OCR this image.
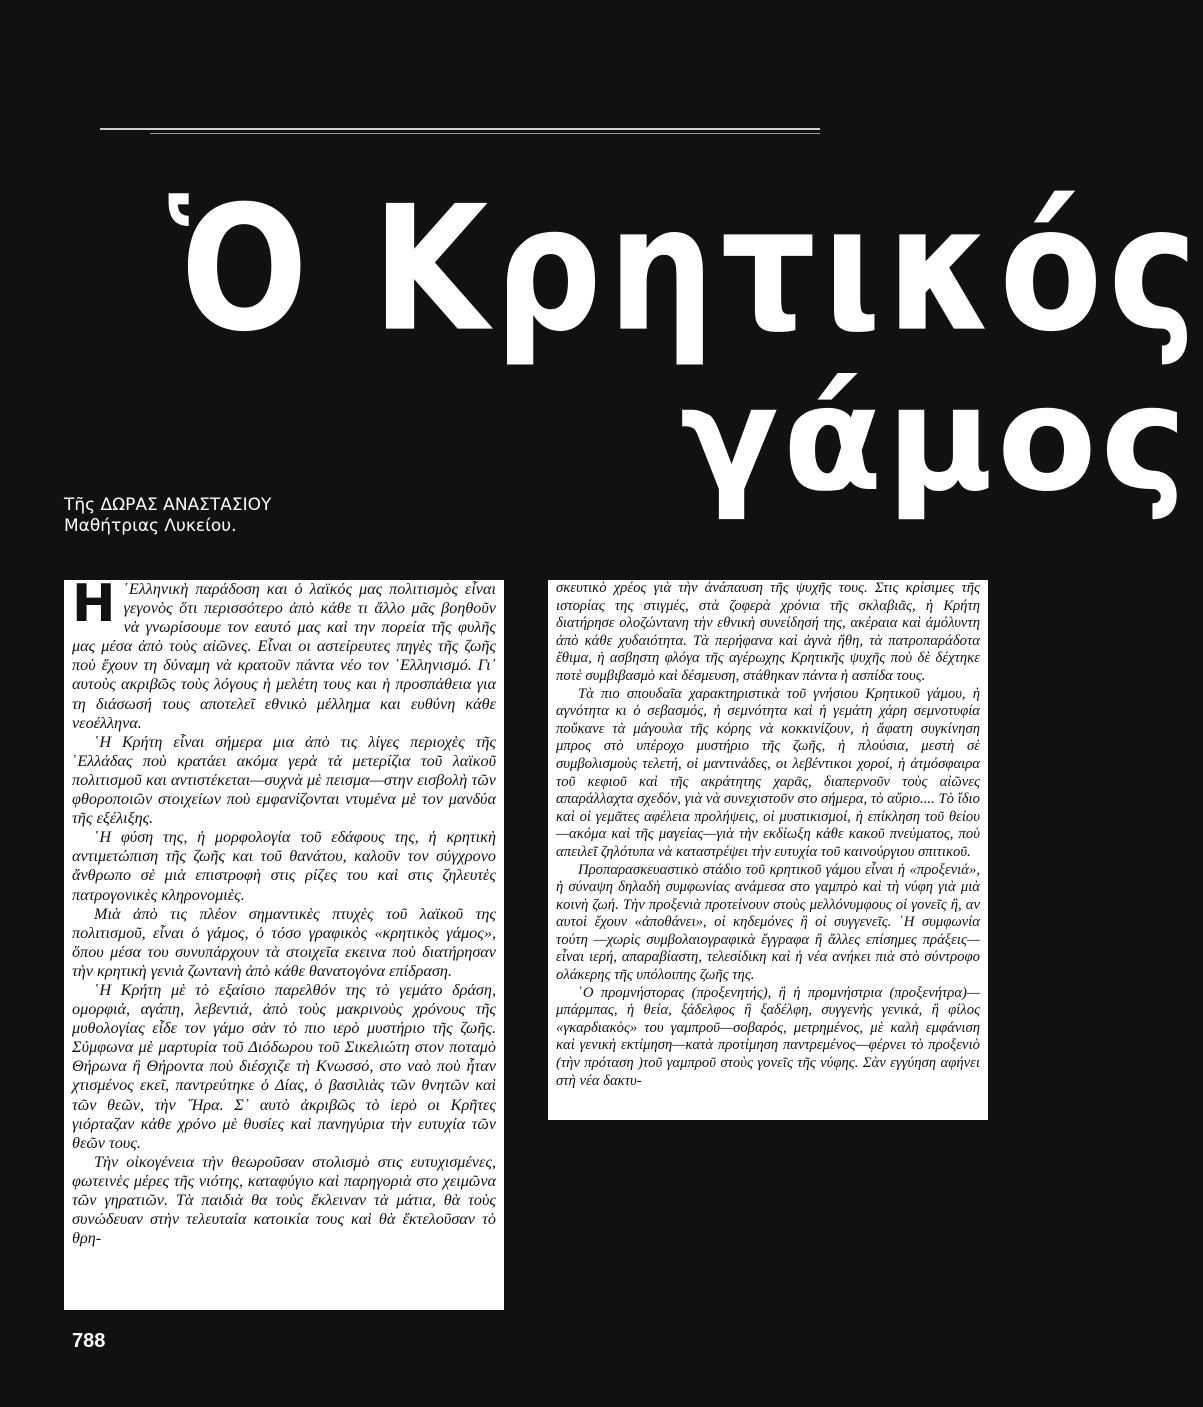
Ὁ Κρητικός
γάμος
Τῆς ΔΩΡΑΣ ΑΝΑΣΤΑΣΙΟΥ
Μαθήτριας Λυκείου.

Η ῾Ελληνικὴ παράδοση και ὁ λαϊκός μας πολιτισμὸς εἶναι γεγονὸς ὅτι περισσότερο ἀπὸ κάθε τι ἄλλο μᾶς βοηθοῦν νὰ γνωρίσουμε τον εαυτό μας καὶ την πορεία τῆς φυλῆς μας μέσα ἀπὸ τοὺς αἰῶνες. Εἶναι οι αστείρευτες πηγὲς τῆς ζωῆς ποὺ ἔχουν τη δύναμη νὰ κρατοῦν πάντα νέο τον ῾Ελληνισμό. Γι᾿ αυτοὺς ακριβῶς τοὺς λόγους ἡ μελέτη τους και ἡ προσπάθεια για τη διάσωσή τους αποτελεῖ εθνικὸ μέλλημα και ευθύνη κάθε νεοέλληνα.

῾Η Κρήτη εἶναι σήμερα μια ἀπὸ τις λίγες περιοχὲς τῆς ῾Ελλάδας ποὺ κρατάει ακόμα γερὰ τὰ μετερίζια τοῦ λαϊκοῦ πολιτισμοῦ και αντιστέκεται—συχνὰ μὲ πεισμα—στην εισβολὴ τῶν φθοροποιῶν στοιχείων ποὺ εμφανίζονται ντυμένα μὲ τον μανδύα τῆς εξέλιξης.

῾Η φύση της, ἡ μορφολογία τοῦ εδάφους της, ἡ κρητικὴ αντιμετώπιση τῆς ζωῆς και τοῦ θανάτου, καλοῦν τον σύγχρονο ἄνθρωπο σὲ μιὰ επιστροφὴ στις ρίζες του καὶ στις ζηλευτὲς πατρογονικὲς κληρονομιὲς.

Μιὰ ἀπὸ τις πλέον σημαντικὲς πτυχὲς τοῦ λαϊκοῦ της πολιτισμοῦ, εἶναι ὁ γάμος, ὁ τόσο γραφικὸς «κρητικὸς γάμος», ὅπου μέσα του συνυπάρχουν τὰ στοιχεῖα εκεινα ποὺ διατήρησαν τὴν κρητικὴ γενιὰ ζωντανὴ ἀπὸ κάθε θανατογόνα επίδραση.

῾Η Κρήτη μὲ τὸ εξαίσιο παρελθόν της τὸ γεμάτο δράση, ομορφιά, αγάπη, λεβεντιά, ἀπὸ τοὺς μακρινοὺς χρόνους τῆς μυθολογίας εἶδε τον γάμο σὰν τὸ πιο ιερὸ μυστήριο τῆς ζωῆς. Σύμφωνα μὲ μαρτυρία τοῦ Διόδωρου τοῦ Σικελιώτη στον ποταμὸ Θήρωνα ἢ Θήροντα ποὺ διέσχιζε τὴ Κνωσσό, στο ναὸ ποὺ ἦταν χτισμένος εκεῖ, παντρεύτηκε ὁ Δίας, ὁ βασιλιὰς τῶν θνητῶν καὶ τῶν θεῶν, τὴν ῞Ηρα. Σ᾿ αυτὸ ἀκριβῶς τὸ ἱερὸ οι Κρῆτες γιόρταζαν κάθε χρόνο μὲ θυσίες καὶ πανηγύρια τὴν ευτυχία τῶν θεῶν τους.

Τὴν οἰκογένεια τὴν θεωροῦσαν στολισμὸ στις ευτυχισμένες, φωτεινὲς μέρες τῆς νιότης, καταφύγιο καὶ παρηγοριὰ στο χειμῶνα τῶν γηρατιῶν. Τὰ παιδιὰ θα τοὺς ἔκλειναν τὰ μάτια, θὰ τοὺς συνώδευαν στὴν τελευταία κατοικία τους καὶ θὰ ἔκτελοῦσαν τὸ θρη-

σκευτικὸ χρέος γιὰ τὴν ἀνάπαυση τῆς ψυχῆς τους. Στις κρίσιμες τῆς ιστορίας της στιγμές, στὰ ζοφερὰ χρόνια τῆς σκλαβιᾶς, ἡ Κρήτη διατήρησε ολοζώντανη τὴν εθνικὴ συνείδησή της, ακέραια καὶ ἀμόλυντη ἀπὸ κάθε χυδαιότητα. Τὰ περήφανα καὶ ἁγνὰ ἤθη, τὰ πατροπαράδοτα ἔθιμα, ἡ ασβηστη φλόγα τῆς αγέρωχης Κρητικῆς ψυχῆς ποὺ δὲ δέχτηκε ποτὲ συμβιβασμὸ καὶ δέσμευση, στάθηκαν πάντα ἡ ασπίδα τους.

Τὰ πιο σπουδαῖα χαρακτηριστικὰ τοῦ γνήσιου Κρητικοῦ γάμου, ἡ αγνότητα κι ὁ σεβασμός, ἡ σεμνότητα καὶ ἡ γεμάτη χάρη σεμνοτυφία ποὔκανε τὰ μάγουλα τῆς κόρης νὰ κοκκινίζουν, ἡ ἄφατη συγκίνηση μπρος στὸ υπέροχο μυστήριο τῆς ζωῆς, ἡ πλούσια, μεστὴ σὲ συμβολισμοὺς τελετή, οἱ μαντινάδες, οι λεβέντικοι χοροί, ἡ ἀτμόσφαιρα τοῦ κεφιοῦ καὶ τῆς ακράτητης χαρᾶς, διαπερνοῦν τοὺς αἰῶνες απαράλλαχτα σχεδόν, γιὰ νὰ συνεχιστοῦν στο σήμερα, τὸ αὔριο.... Τὸ ἴδιο καὶ οἱ γεμᾶτες αφέλεια προλήψεις, οἱ μυστικισμοί, ἡ επίκληση τοῦ θείου —ακόμα καὶ τῆς μαγείας—γιὰ τὴν εκδίωξη κάθε κακοῦ πνεύματος, ποὺ απειλεῖ ζηλότυπα νὰ καταστρέψει τὴν ευτυχία τοῦ καινούργιου σπιτικοῦ.

Προπαρασκευαστικὸ στάδιο τοῦ κρητικοῦ γάμου εἶναι ἡ «προξενιά», ἡ σύναψη δηλαδὴ συμφωνίας ανάμεσα στο γαμπρὸ καὶ τὴ νύφη γιὰ μιὰ κοινὴ ζωή. Τὴν προξενιὰ προτείνουν στοὺς μελλόνυμφους οἱ γονεῖς ἢ, αν αυτοὶ ἔχουν «ἀποθάνει», οἱ κηδεμόνες ἢ οἱ συγγενεῖς. ῾Η συμφωνία τούτη —χωρὶς συμβολαιογραφικὰ ἔγγραφα ἢ ἄλλες επίσημες πράξεις—εἶναι ιερή, απαραβίαστη, τελεσίδικη καὶ ἡ νέα ανήκει πιὰ στὸ σύντροφο ολάκερης τῆς υπόλοιπης ζωῆς της.

῾Ο προμνήστορας (προξενητής), ἢ ἡ προμνήστρια (προξενήτρα)—μπάρμπας, ἡ θεία, ξάδελφος ἢ ξαδέλφη, συγγενὴς γενικά, ἢ φίλος «γκαρδιακὸς» του γαμπροῦ—σοβαρός, μετρημένος, μὲ καλὴ εμφάνιση καὶ γενικὴ εκτίμηση—κατὰ προτίμηση παντρεμένος—φέρνει τὸ προξενιὸ (τὴν πρόταση )τοῦ γαμπροῦ στοὺς γονεῖς τῆς νύφης. Σὰν εγγύηση αφήνει στὴ νέα δακτυ-

788
